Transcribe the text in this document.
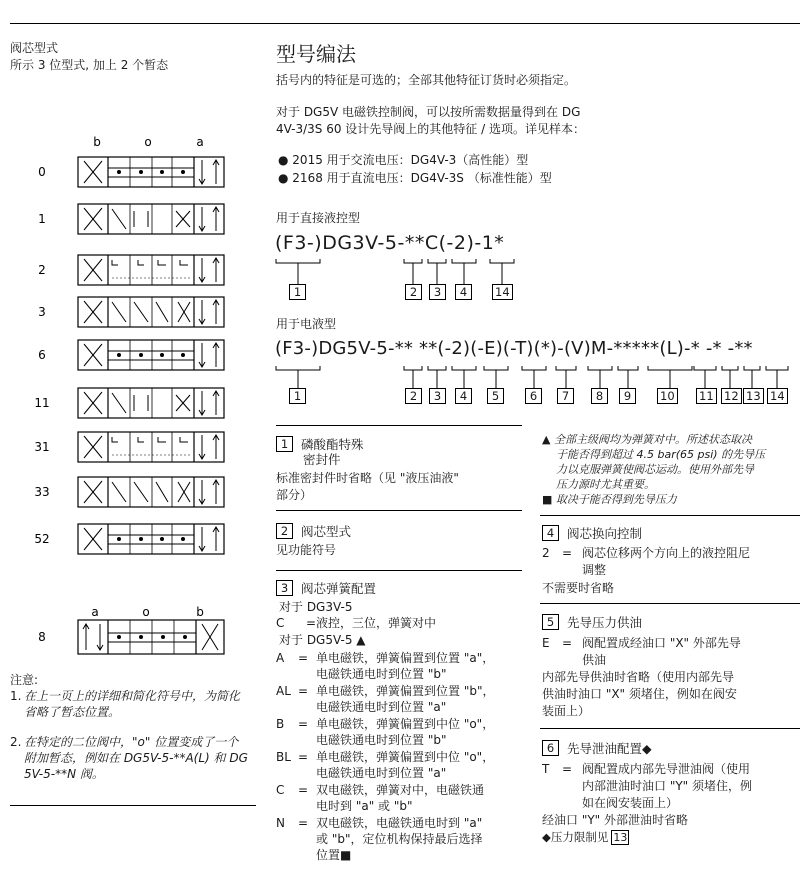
阀芯型式
所示 3 位型式, 加上 2 个暂态
b	o	a
0
1
2
3
6
11
31
33
52
a	o	b
8
注意:
1. 在上一页上的详细和简化符号中，为简化
省略了暂态位置。
2. 在特定的二位阀中，"o" 位置变成了一个
附加暂态，例如在 DG5V-5-**A(L) 和 DG
5V-5-**N 阀。
型号编法
括号内的特征是可选的；全部其他特征订货时必须指定。
对于 DG5V 电磁铁控制阀，可以按所需数据量得到在 DG
4V-3/3S 60 设计先导阀上的其他特征 / 选项。详见样本：
● 2015 用于交流电压：DG4V-3（高性能）型
● 2168 用于直流电压：DG4V-3S （标准性能）型
用于直接液控型
(F3-)DG3V-5-**C(-2)-1*
1	2	3	4	14
用于电液型
(F3-)DG5V-5-** **(-2)(-E)(-T)(*)-(V)M-*****(L)-* -* -**
1	2	3	4	5	6	7	8	9	10 11 12 13 14
1	磷酸酯特殊
密封件
标准密封件时省略（见 "液压油液"
部分）
2	阀芯型式
见功能符号
3	阀芯弹簧配置
对于 DG3V-5
C	=液控，三位，弹簧对中
对于 DG5V-5 ▲
A	= 单电磁铁，弹簧偏置到位置 "a"，
电磁铁通电时到位置 "b"
AL = 单电磁铁，弹簧偏置到位置 "b"，
电磁铁通电时到位置 "a"
B	= 单电磁铁，弹簧偏置到中位 "o"，
电磁铁通电时到位置 "b"
BL = 单电磁铁，弹簧偏置到中位 "o"，
电磁铁通电时到位置 "a"
C	= 双电磁铁，弹簧对中，电磁铁通
电时到 "a" 或 "b"
N	= 双电磁铁，电磁铁通电时到 "a"
或 "b"，定位机构保持最后选择
位置■
▲ 全部主级阀均为弹簧对中。所述状态取决
于能否得到超过 4.5 bar(65 psi) 的先导压
力以克服弹簧使阀芯运动。使用外部先导
压力源时尤其重要。
■ 取决于能否得到先导压力
4	阀芯换向控制
2 = 阀芯位移两个方向上的液控阻尼
调整
不需要时省略
5	先导压力供油
E = 阀配置成经油口 "X" 外部先导
供油
内部先导供油时省略（使用内部先导
供油时油口 "X" 须堵住，例如在阀安
装面上）
6	先导泄油配置◆
T = 阀配置成内部先导泄油阀（使用
内部泄油时油口 "Y" 须堵住，例
如在阀安装面上）
经油口 "Y" 外部泄油时省略
◆压力限制见 13
